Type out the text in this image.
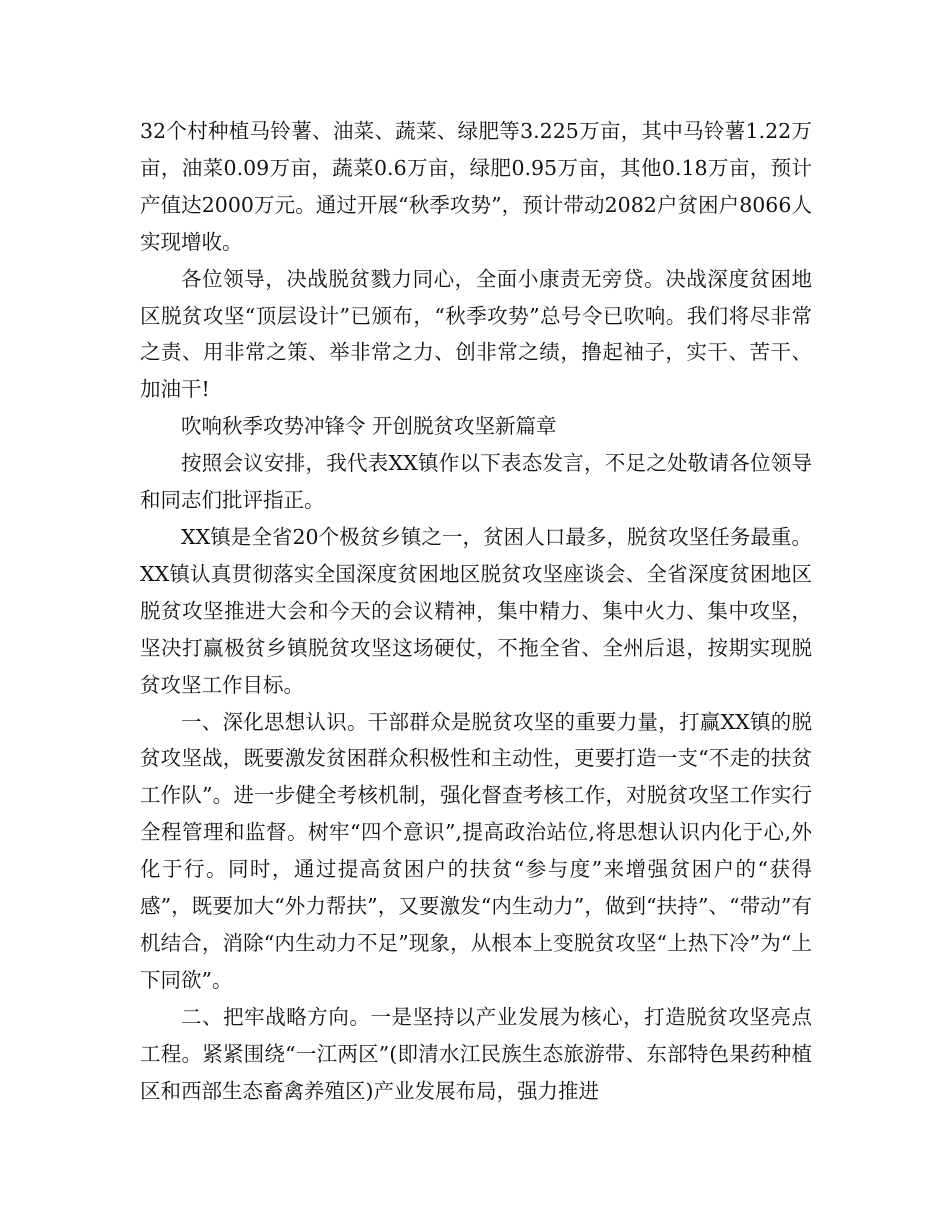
32个村种植马铃薯、油菜、蔬菜、绿肥等3.225万亩，其中马铃薯1.22万亩，油菜0.09万亩，蔬菜0.6万亩，绿肥0.95万亩，其他0.18万亩，预计产值达2000万元。通过开展“秋季攻势”，预计带动2082户贫困户8066人实现增收。

各位领导，决战脱贫戮力同心，全面小康责无旁贷。决战深度贫困地区脱贫攻坚“顶层设计”已颁布，“秋季攻势”总号令已吹响。我们将尽非常之责、用非常之策、举非常之力、创非常之绩，撸起袖子，实干、苦干、加油干!

吹响秋季攻势冲锋令 开创脱贫攻坚新篇章

按照会议安排，我代表XX镇作以下表态发言，不足之处敬请各位领导和同志们批评指正。

XX镇是全省20个极贫乡镇之一，贫困人口最多，脱贫攻坚任务最重。XX镇认真贯彻落实全国深度贫困地区脱贫攻坚座谈会、全省深度贫困地区脱贫攻坚推进大会和今天的会议精神，集中精力、集中火力、集中攻坚，坚决打赢极贫乡镇脱贫攻坚这场硬仗，不拖全省、全州后退，按期实现脱贫攻坚工作目标。

一、深化思想认识。干部群众是脱贫攻坚的重要力量，打赢XX镇的脱贫攻坚战，既要激发贫困群众积极性和主动性，更要打造一支“不走的扶贫工作队”。进一步健全考核机制，强化督查考核工作，对脱贫攻坚工作实行全程管理和监督。树牢“四个意识”,提高政治站位,将思想认识内化于心,外化于行。同时，通过提高贫困户的扶贫“参与度”来增强贫困户的“获得感”，既要加大“外力帮扶”，又要激发“内生动力”，做到“扶持”、“带动”有机结合，消除“内生动力不足”现象，从根本上变脱贫攻坚“上热下冷”为“上下同欲”。

二、把牢战略方向。一是坚持以产业发展为核心，打造脱贫攻坚亮点工程。紧紧围绕“一江两区”(即清水江民族生态旅游带、东部特色果药种植区和西部生态畜禽养殖区)产业发展布局，强力推进
